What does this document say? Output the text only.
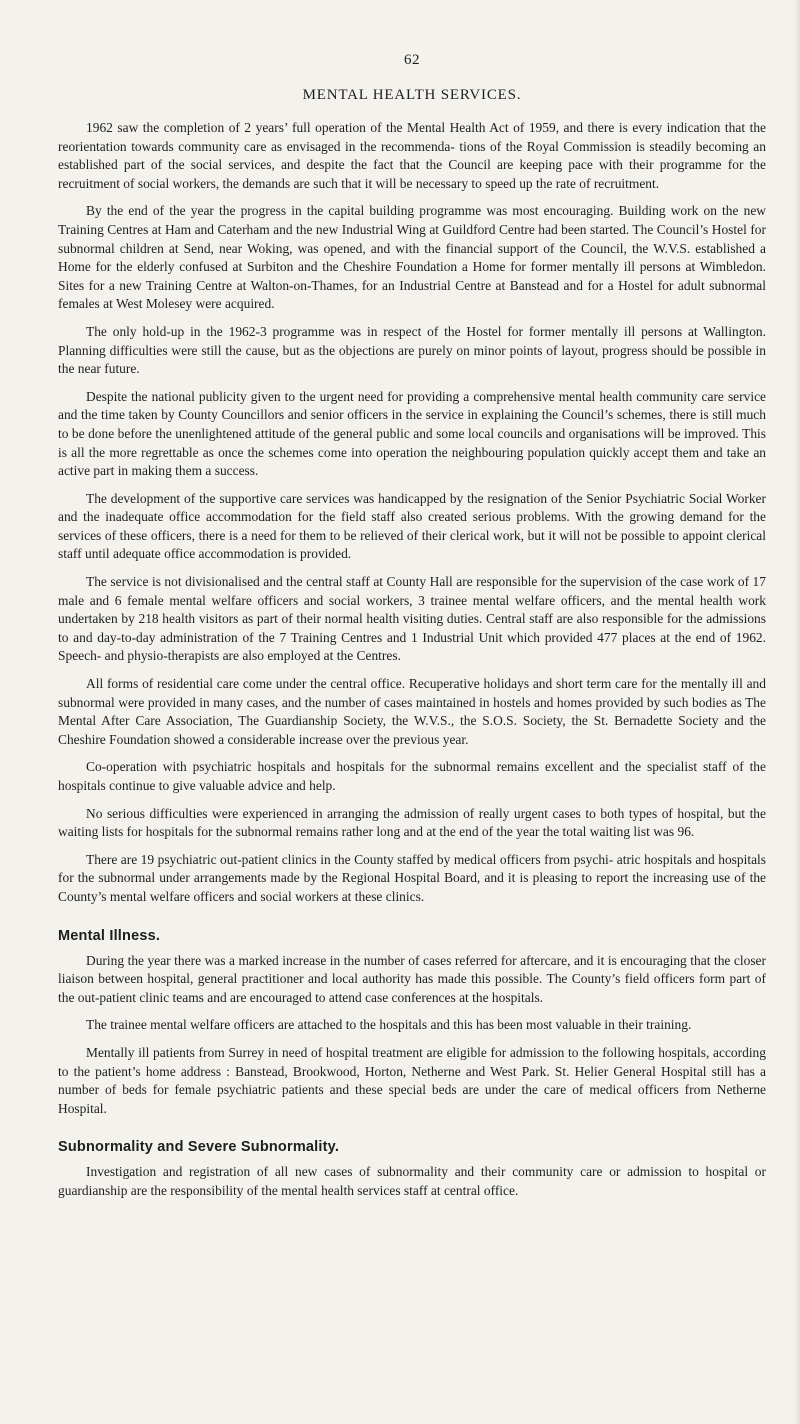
62
MENTAL HEALTH SERVICES.

1962 saw the completion of 2 years’ full operation of the Mental Health Act of 1959, and there is every indication that the reorientation towards community care as envisaged in the recommenda- tions of the Royal Commission is steadily becoming an established part of the social services, and despite the fact that the Council are keeping pace with their programme for the recruitment of social workers, the demands are such that it will be necessary to speed up the rate of recruitment.

By the end of the year the progress in the capital building programme was most encouraging. Building work on the new Training Centres at Ham and Caterham and the new Industrial Wing at Guildford Centre had been started. The Council’s Hostel for subnormal children at Send, near Woking, was opened, and with the financial support of the Council, the W.V.S. established a Home for the elderly confused at Surbiton and the Cheshire Foundation a Home for former mentally ill persons at Wimbledon. Sites for a new Training Centre at Walton-on-Thames, for an Industrial Centre at Banstead and for a Hostel for adult subnormal females at West Molesey were acquired.

The only hold-up in the 1962-3 programme was in respect of the Hostel for former mentally ill persons at Wallington. Planning difficulties were still the cause, but as the objections are purely on minor points of layout, progress should be possible in the near future.

Despite the national publicity given to the urgent need for providing a comprehensive mental health community care service and the time taken by County Councillors and senior officers in the service in explaining the Council’s schemes, there is still much to be done before the unenlightened attitude of the general public and some local councils and organisations will be improved. This is all the more regrettable as once the schemes come into operation the neighbouring population quickly accept them and take an active part in making them a success.

The development of the supportive care services was handicapped by the resignation of the Senior Psychiatric Social Worker and the inadequate office accommodation for the field staff also created serious problems. With the growing demand for the services of these officers, there is a need for them to be relieved of their clerical work, but it will not be possible to appoint clerical staff until adequate office accommodation is provided.

The service is not divisionalised and the central staff at County Hall are responsible for the supervision of the case work of 17 male and 6 female mental welfare officers and social workers, 3 trainee mental welfare officers, and the mental health work undertaken by 218 health visitors as part of their normal health visiting duties. Central staff are also responsible for the admissions to and day-to-day administration of the 7 Training Centres and 1 Industrial Unit which provided 477 places at the end of 1962. Speech- and physio-therapists are also employed at the Centres.

All forms of residential care come under the central office. Recuperative holidays and short term care for the mentally ill and subnormal were provided in many cases, and the number of cases maintained in hostels and homes provided by such bodies as The Mental After Care Association, The Guardianship Society, the W.V.S., the S.O.S. Society, the St. Bernadette Society and the Cheshire Foundation showed a considerable increase over the previous year.

Co-operation with psychiatric hospitals and hospitals for the subnormal remains excellent and the specialist staff of the hospitals continue to give valuable advice and help.

No serious difficulties were experienced in arranging the admission of really urgent cases to both types of hospital, but the waiting lists for hospitals for the subnormal remains rather long and at the end of the year the total waiting list was 96.

There are 19 psychiatric out-patient clinics in the County staffed by medical officers from psychi- atric hospitals and hospitals for the subnormal under arrangements made by the Regional Hospital Board, and it is pleasing to report the increasing use of the County’s mental welfare officers and social workers at these clinics.

Mental Illness.

During the year there was a marked increase in the number of cases referred for aftercare, and it is encouraging that the closer liaison between hospital, general practitioner and local authority has made this possible. The County’s field officers form part of the out-patient clinic teams and are encouraged to attend case conferences at the hospitals.

The trainee mental welfare officers are attached to the hospitals and this has been most valuable in their training.

Mentally ill patients from Surrey in need of hospital treatment are eligible for admission to the following hospitals, according to the patient’s home address : Banstead, Brookwood, Horton, Netherne and West Park. St. Helier General Hospital still has a number of beds for female psychiatric patients and these special beds are under the care of medical officers from Netherne Hospital.

Subnormality and Severe Subnormality.

Investigation and registration of all new cases of subnormality and their community care or admission to hospital or guardianship are the responsibility of the mental health services staff at central office.
